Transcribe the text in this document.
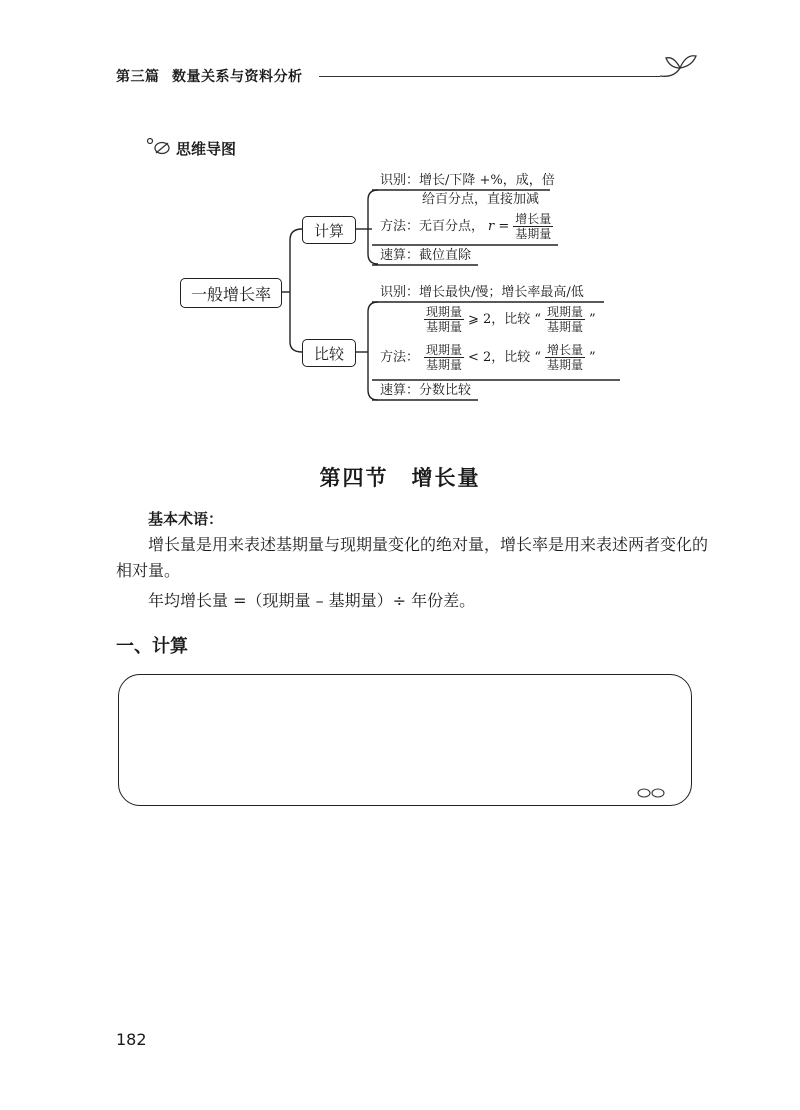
第三篇 数量关系与资料分析
思维导图
一般增长率
计算
识别：增长/下降 +%，成，倍
给百分点，直接加减
方法：无百分点， $r = \frac{\text{增长量}}{\text{基期量}}$
速算：截位直除
比较
识别：增长最快/慢；增长率最高/低
方法：
$\frac{\text{现期量}}{\text{基期量}}$ ⩾ 2，比较 “ $\frac{\text{现期量}}{\text{基期量}}$ ”
$\frac{\text{现期量}}{\text{基期量}} < 2$，比较 “ $\frac{\text{增长量}}{\text{基期量}}$ ”
速算：分数比较
第四节　增长量
基本术语：
增长量是用来表述基期量与现期量变化的绝对量，增长率是用来表述两者变化的
相对量。
年均增长量 =（现期量 – 基期量）÷ 年份差。
一、计算
182
